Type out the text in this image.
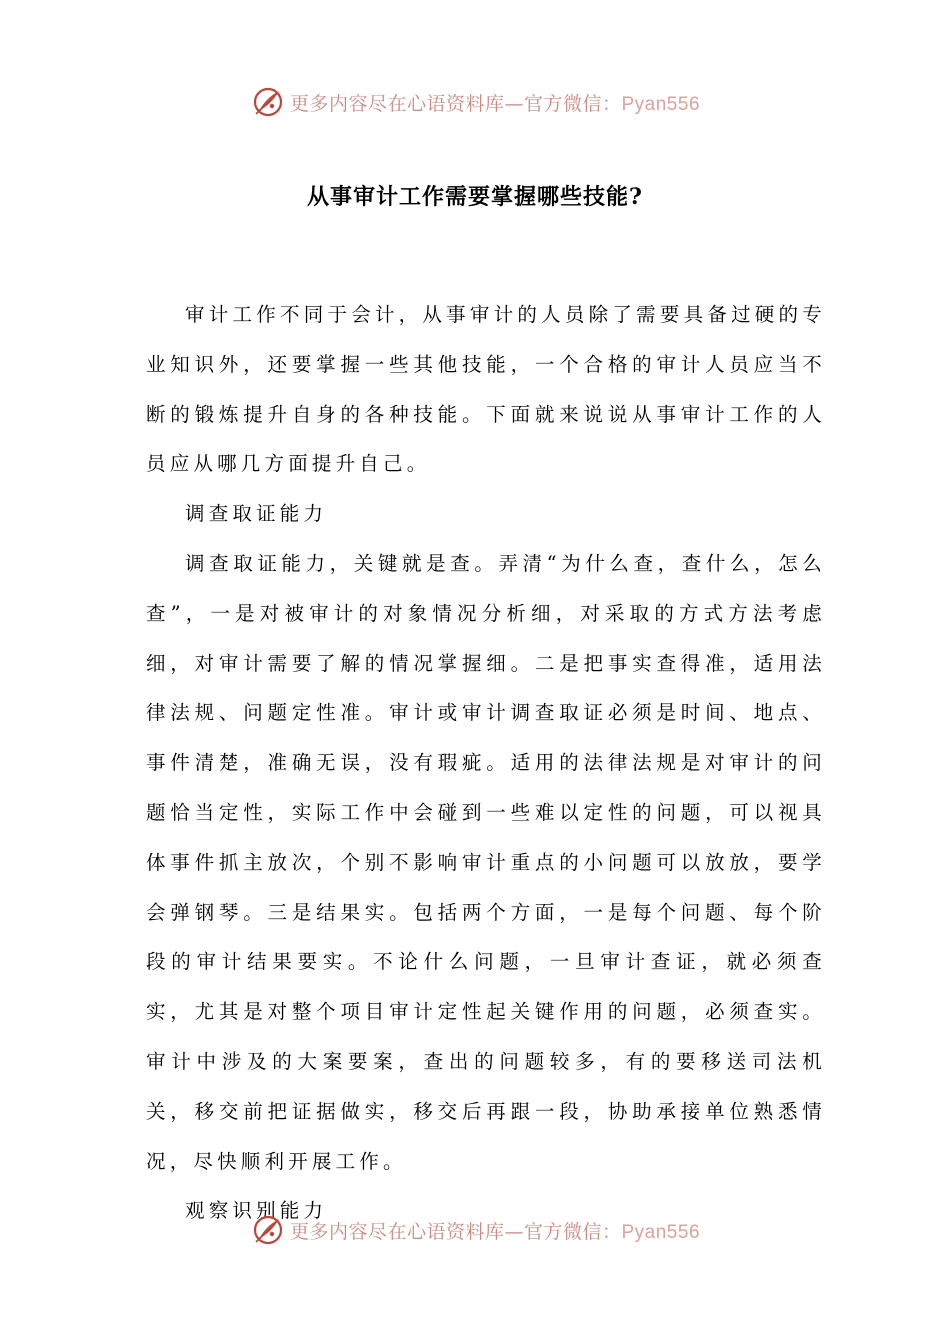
更多内容尽在心语资料库—官方微信：Pyan556
从事审计工作需要掌握哪些技能?

审计工作不同于会计，从事审计的人员除了需要具备过硬的专业知识外，还要掌握一些其他技能，一个合格的审计人员应当不断的锻炼提升自身的各种技能。下面就来说说从事审计工作的人员应从哪几方面提升自己。

调查取证能力

调查取证能力，关键就是查。弄清“为什么查，查什么，怎么查”，一是对被审计的对象情况分析细，对采取的方式方法考虑细，对审计需要了解的情况掌握细。二是把事实查得准，适用法律法规、问题定性准。审计或审计调查取证必须是时间、地点、事件清楚，准确无误，没有瑕疵。适用的法律法规是对审计的问题恰当定性，实际工作中会碰到一些难以定性的问题，可以视具体事件抓主放次，个别不影响审计重点的小问题可以放放，要学会弹钢琴。三是结果实。包括两个方面，一是每个问题、每个阶段的审计结果要实。不论什么问题，一旦审计查证，就必须查实，尤其是对整个项目审计定性起关键作用的问题，必须查实。审计中涉及的大案要案，查出的问题较多，有的要移送司法机关，移交前把证据做实，移交后再跟一段，协助承接单位熟悉情况，尽快顺利开展工作。

观察识别能力

更多内容尽在心语资料库—官方微信：Pyan556
